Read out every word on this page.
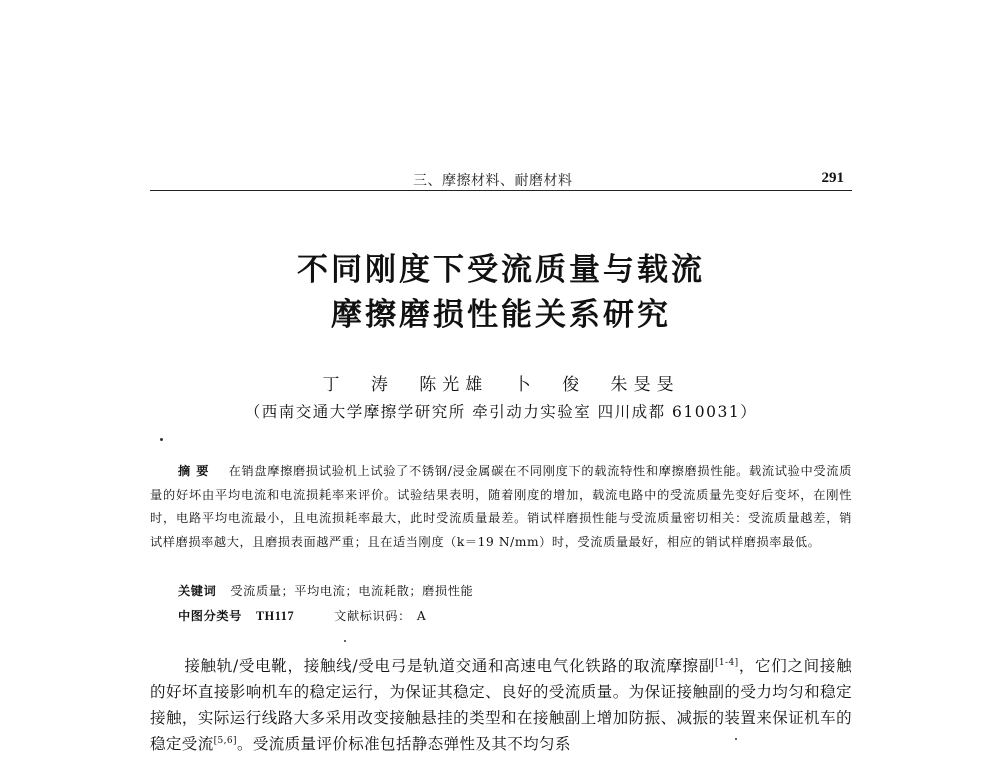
三、摩擦材料、耐磨材料	291
不同刚度下受流质量与载流
摩擦磨损性能关系研究
丁 涛 陈光雄 卜 俊 朱旻旻
（西南交通大学摩擦学研究所 牵引动力实验室 四川成都 610031）
摘要 在销盘摩擦磨损试验机上试验了不锈钢/浸金属碳在不同刚度下的载流特性和摩擦磨损性能。载流试验中受流质量的好坏由平均电流和电流损耗率来评价。试验结果表明，随着刚度的增加，载流电路中的受流质量先变好后变坏，在刚性时，电路平均电流最小，且电流损耗率最大，此时受流质量最差。销试样磨损性能与受流质量密切相关：受流质量越差，销试样磨损率越大，且磨损表面越严重；且在适当刚度（k＝19 N/mm）时，受流质量最好，相应的销试样磨损率最低。
关键词 受流质量；平均电流；电流耗散；磨损性能
中图分类号 TH117	文献标识码： A
接触轨/受电靴，接触线/受电弓是轨道交通和高速电气化铁路的取流摩擦副[1-4]，它们之间接触的好坏直接影响机车的稳定运行，为保证其稳定、良好的受流质量。为保证接触副的受力均匀和稳定接触，实际运行线路大多采用改变接触悬挂的类型和在接触副上增加防振、减振的装置来保证机车的稳定受流[5,6]。受流质量评价标准包括静态弹性及其不均匀系
